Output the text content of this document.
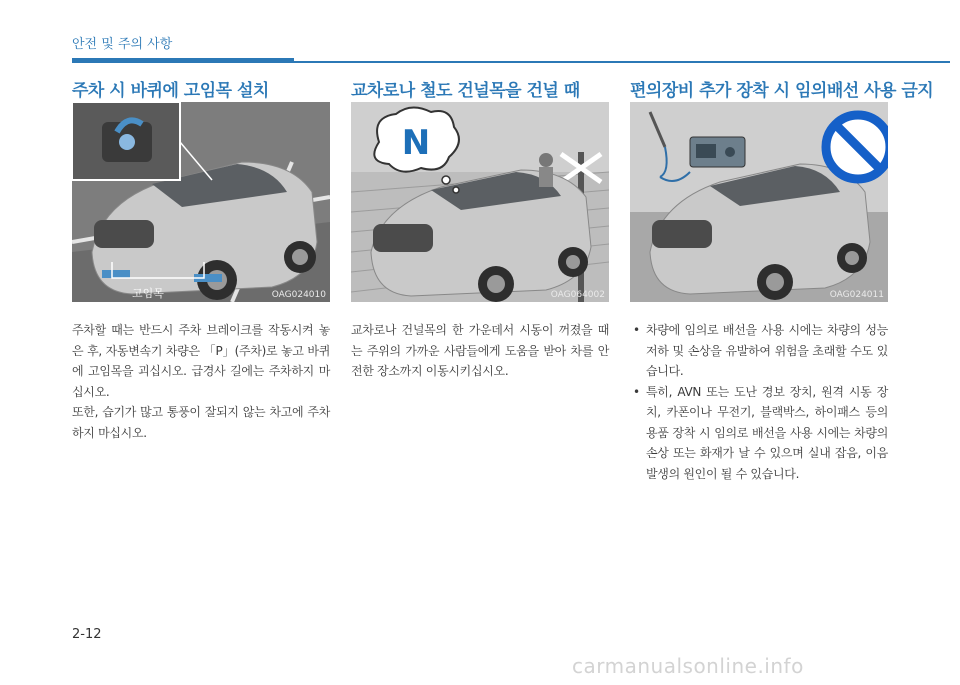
안전 및 주의 사항
주차 시 바퀴에 고임목 설치
고임목	OAG024010

주차할 때는 반드시 주차 브레이크를 작동시켜 놓은 후, 자동변속기 차량은 「P」(주차)로 놓고 바퀴에 고임목을 괴십시오. 급경사 길에는 주차하지 마십시오.

또한, 습기가 많고 통풍이 잘되지 않는 차고에 주차하지 마십시오.

교차로나 철도 건널목을 건널 때
N
OAG064002

교차로나 건널목의 한 가운데서 시동이 꺼졌을 때는 주위의 가까운 사람들에게 도움을 받아 차를 안전한 장소까지 이동시키십시오.

편의장비 추가 장착 시 임의배선 사용 금지
OAG024011
• 차량에 임의로 배선을 사용 시에는 차량의 성능 저하 및 손상을 유발하여 위험을 초래할 수도 있습니다.
• 특히, AVN 또는 도난 경보 장치, 원격 시동 장치, 카폰이나 무전기, 블랙박스, 하이패스 등의 용품 장착 시 임의로 배선을 사용 시에는 차량의 손상 또는 화재가 날 수 있으며 실내 잡음, 이음 발생의 원인이 될 수 있습니다.
2-12
carmanualsonline.info
